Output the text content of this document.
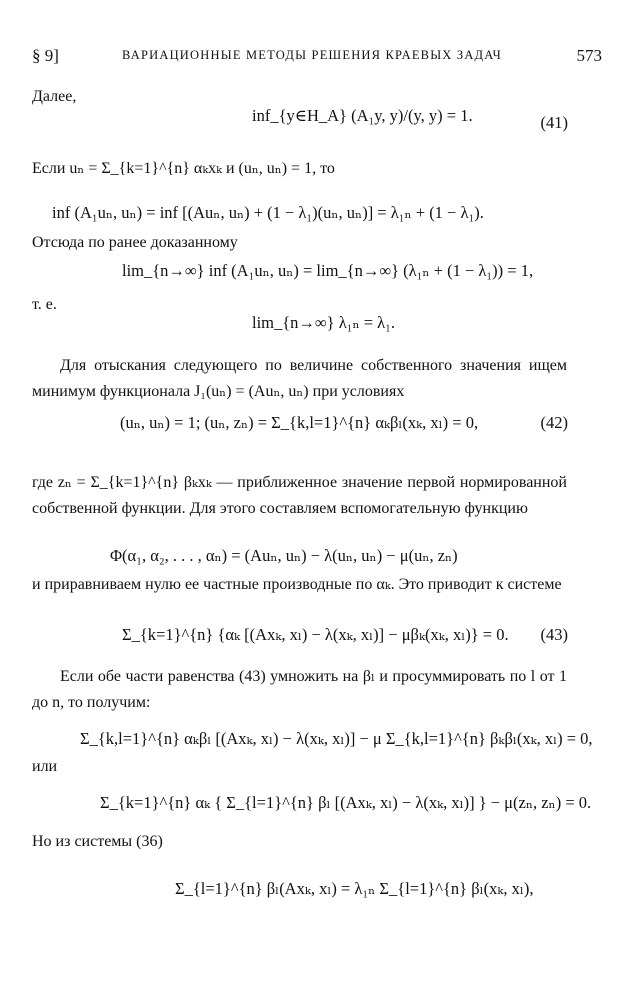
§ 9]	ВАРИАЦИОННЫЕ МЕТОДЫ РЕШЕНИЯ КРАЕВЫХ ЗАДАЧ	573
Далее,
inf_{y∈H_A} (A₁y, y)/(y, y) = 1.	(41)
Если uₙ = Σ_{k=1}^{n} αₖxₖ и (uₙ, uₙ) = 1, то
inf (A₁uₙ, uₙ) = inf [(Auₙ, uₙ) + (1 − λ₁)(uₙ, uₙ)] = λ₁ₙ + (1 − λ₁).
Отсюда по ранее доказанному
lim_{n→∞} inf (A₁uₙ, uₙ) = lim_{n→∞} (λ₁ₙ + (1 − λ₁)) = 1,
т. е.
lim_{n→∞} λ₁ₙ = λ₁.
Для отыскания следующего по величине собственного значения ищем минимум функционала J₁(uₙ) = (Auₙ, uₙ) при условиях
(uₙ, uₙ) = 1; (uₙ, zₙ) = Σ_{k,l=1}^{n} αₖβₗ(xₖ, xₗ) = 0,	(42)
где zₙ = Σ_{k=1}^{n} βₖxₖ — приближенное значение первой нормированной собственной функции. Для этого составляем вспомогательную функцию
Φ(α₁, α₂, . . . , αₙ) = (Auₙ, uₙ) − λ(uₙ, uₙ) − μ(uₙ, zₙ)
и приравниваем нулю ее частные производные по αₖ. Это приводит к системе
Σ_{k=1}^{n} {αₖ [(Axₖ, xₗ) − λ(xₖ, xₗ)] − μβₖ(xₖ, xₗ)} = 0. (43)
Если обе части равенства (43) умножить на βₗ и просуммировать по l от 1 до n, то получим:
Σ_{k,l=1}^{n} αₖβₗ [(Axₖ, xₗ) − λ(xₖ, xₗ)] − μ Σ_{k,l=1}^{n} βₖβₗ(xₖ, xₗ) = 0,
или
Σ_{k=1}^{n} αₖ { Σ_{l=1}^{n} βₗ [(Axₖ, xₗ) − λ(xₖ, xₗ)] } − μ(zₙ, zₙ) = 0.
Но из системы (36)
Σ_{l=1}^{n} βₗ(Axₖ, xₗ) = λ₁ₙ Σ_{l=1}^{n} βₗ(xₖ, xₗ),
